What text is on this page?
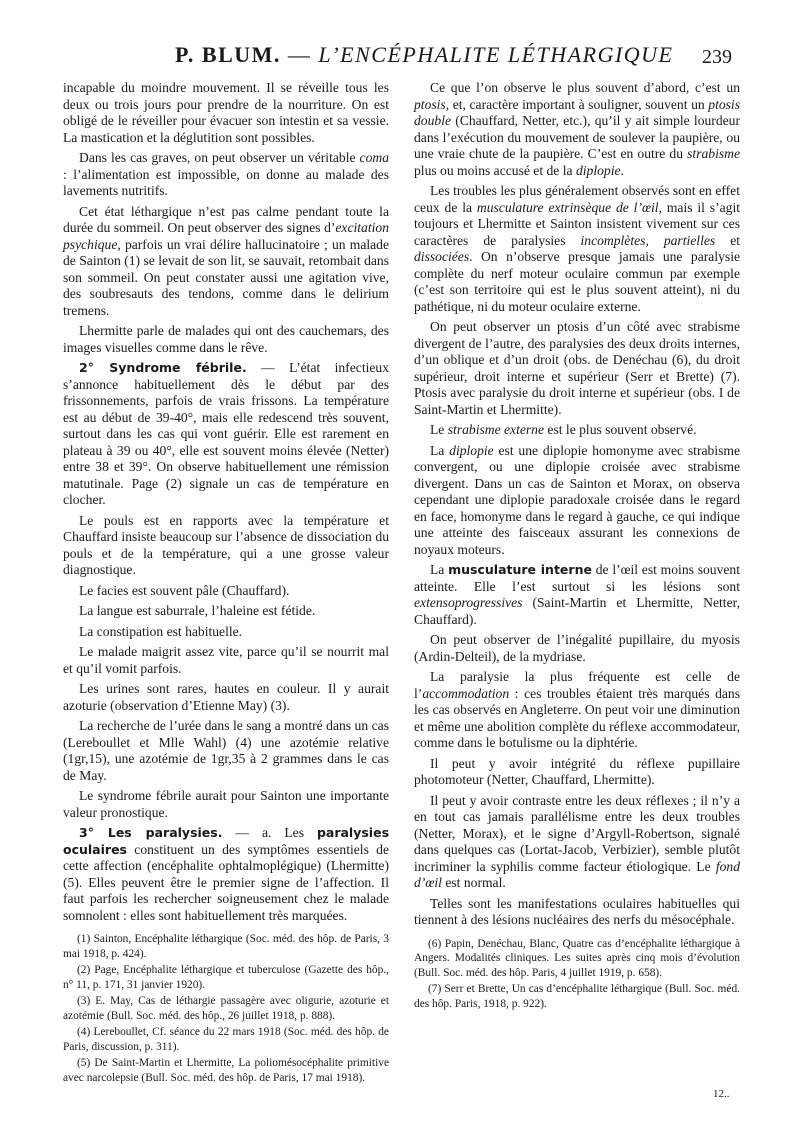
P. BLUM. — L’ENCÉPHALITE LÉTHARGIQUE 239

incapable du moindre mouvement. Il se réveille tous les deux ou trois jours pour prendre de la nourriture. On est obligé de le réveiller pour évacuer son intestin et sa vessie. La mastication et la déglutition sont possibles.

Dans les cas graves, on peut observer un véritable coma : l’alimentation est impossible, on donne au malade des lavements nutritifs.

Cet état léthargique n’est pas calme pendant toute la durée du sommeil. On peut observer des signes d’excitation psychique, parfois un vrai délire hallucinatoire ; un malade de Sainton (1) se levait de son lit, se sauvait, retombait dans son sommeil. On peut constater aussi une agitation vive, des soubresauts des tendons, comme dans le delirium tremens.

Lhermitte parle de malades qui ont des cauchemars, des images visuelles comme dans le rêve.

2° Syndrome fébrile. — L’état infectieux s’annonce habituellement dès le début par des frissonnements, parfois de vrais frissons. La température est au début de 39-40°, mais elle redescend très souvent, surtout dans les cas qui vont guérir. Elle est rarement en plateau à 39 ou 40°, elle est souvent moins élevée (Netter) entre 38 et 39°. On observe habituellement une rémission matutinale. Page (2) signale un cas de température en clocher.

Le pouls est en rapports avec la température et Chauffard insiste beaucoup sur l’absence de dissociation du pouls et de la température, qui a une grosse valeur diagnostique.

Le facies est souvent pâle (Chauffard).

La langue est saburrale, l’haleine est fétide.

La constipation est habituelle.

Le malade maigrit assez vite, parce qu’il se nourrit mal et qu’il vomit parfois.

Les urines sont rares, hautes en couleur. Il y aurait azoturie (observation d’Etienne May) (3).

La recherche de l’urée dans le sang a montré dans un cas (Lereboullet et Mlle Wahl) (4) une azotémie relative (1gr,15), une azotémie de 1gr,35 à 2 grammes dans le cas de May.

Le syndrome fébrile aurait pour Sainton une importante valeur pronostique.

3° Les paralysies. — a. Les paralysies oculaires constituent un des symptômes essentiels de cette affection (encéphalite ophtalmoplégique) (Lhermitte) (5). Elles peuvent être le premier signe de l’affection. Il faut parfois les rechercher soigneusement chez le malade somnolent : elles sont habituellement très marquées.

(1) Sainton, Encéphalite léthargique (Soc. méd. des hôp. de Paris, 3 mai 1918, p. 424).

(2) Page, Encéphalite léthargique et tuberculose (Gazette des hôp., n° 11, p. 171, 31 janvier 1920).

(3) E. May, Cas de léthargie passagère avec oligurie, azoturie et azotémie (Bull. Soc. méd. des hôp., 26 juillet 1918, p. 888).

(4) Lereboullet, Cf. séance du 22 mars 1918 (Soc. méd. des hôp. de Paris, discussion, p. 311).

(5) De Saint-Martin et Lhermitte, La poliomésocéphalite primitive avec narcolepsie (Bull. Soc. méd. des hôp. de Paris, 17 mai 1918).

Ce que l’on observe le plus souvent d’abord, c’est un ptosis, et, caractère important à souligner, souvent un ptosis double (Chauffard, Netter, etc.), qu’il y ait simple lourdeur dans l’exécution du mouvement de soulever la paupière, ou une vraie chute de la paupière. C’est en outre du strabisme plus ou moins accusé et de la diplopie.

Les troubles les plus généralement observés sont en effet ceux de la musculature extrinsèque de l’œil, mais il s’agit toujours et Lhermitte et Sainton insistent vivement sur ces caractères de paralysies incomplètes, partielles et dissociées. On n’observe presque jamais une paralysie complète du nerf moteur oculaire commun par exemple (c’est son territoire qui est le plus souvent atteint), ni du pathétique, ni du moteur oculaire externe.

On peut observer un ptosis d’un côté avec strabisme divergent de l’autre, des paralysies des deux droits internes, d’un oblique et d’un droit (obs. de Denéchau (6), du droit supérieur, droit interne et supérieur (Serr et Brette) (7). Ptosis avec paralysie du droit interne et supérieur (obs. I de Saint-Martin et Lhermitte).

Le strabisme externe est le plus souvent observé.

La diplopie est une diplopie homonyme avec strabisme convergent, ou une diplopie croisée avec strabisme divergent. Dans un cas de Sainton et Morax, on observa cependant une diplopie paradoxale croisée dans le regard en face, homonyme dans le regard à gauche, ce qui indique une atteinte des faisceaux assurant les connexions de noyaux moteurs.

La musculature interne de l’œil est moins souvent atteinte. Elle l’est surtout si les lésions sont extensoprogressives (Saint-Martin et Lhermitte, Netter, Chauffard).

On peut observer de l’inégalité pupillaire, du myosis (Ardin-Delteil), de la mydriase.

La paralysie la plus fréquente est celle de l’accommodation : ces troubles étaient très marqués dans les cas observés en Angleterre. On peut voir une diminution et même une abolition complète du réflexe accommodateur, comme dans le botulisme ou la diphtérie.

Il peut y avoir intégrité du réflexe pupillaire photomoteur (Netter, Chauffard, Lhermitte).

Il peut y avoir contraste entre les deux réflexes ; il n’y a en tout cas jamais parallélisme entre les deux troubles (Netter, Morax), et le signe d’Argyll-Robertson, signalé dans quelques cas (Lortat-Jacob, Verbizier), semble plutôt incriminer la syphilis comme facteur étiologique. Le fond d’œil est normal.

Telles sont les manifestations oculaires habituelles qui tiennent à des lésions nucléaires des nerfs du mésocéphale.

(6) Papin, Denéchau, Blanc, Quatre cas d’encéphalite léthargique à Angers. Modalités cliniques. Les suites après cinq mois d’évolution (Bull. Soc. méd. des hôp. Paris, 4 juillet 1919, p. 658).

(7) Serr et Brette, Un cas d’encéphalite léthargique (Bull. Soc. méd. des hôp. Paris, 1918, p. 922).

12..
